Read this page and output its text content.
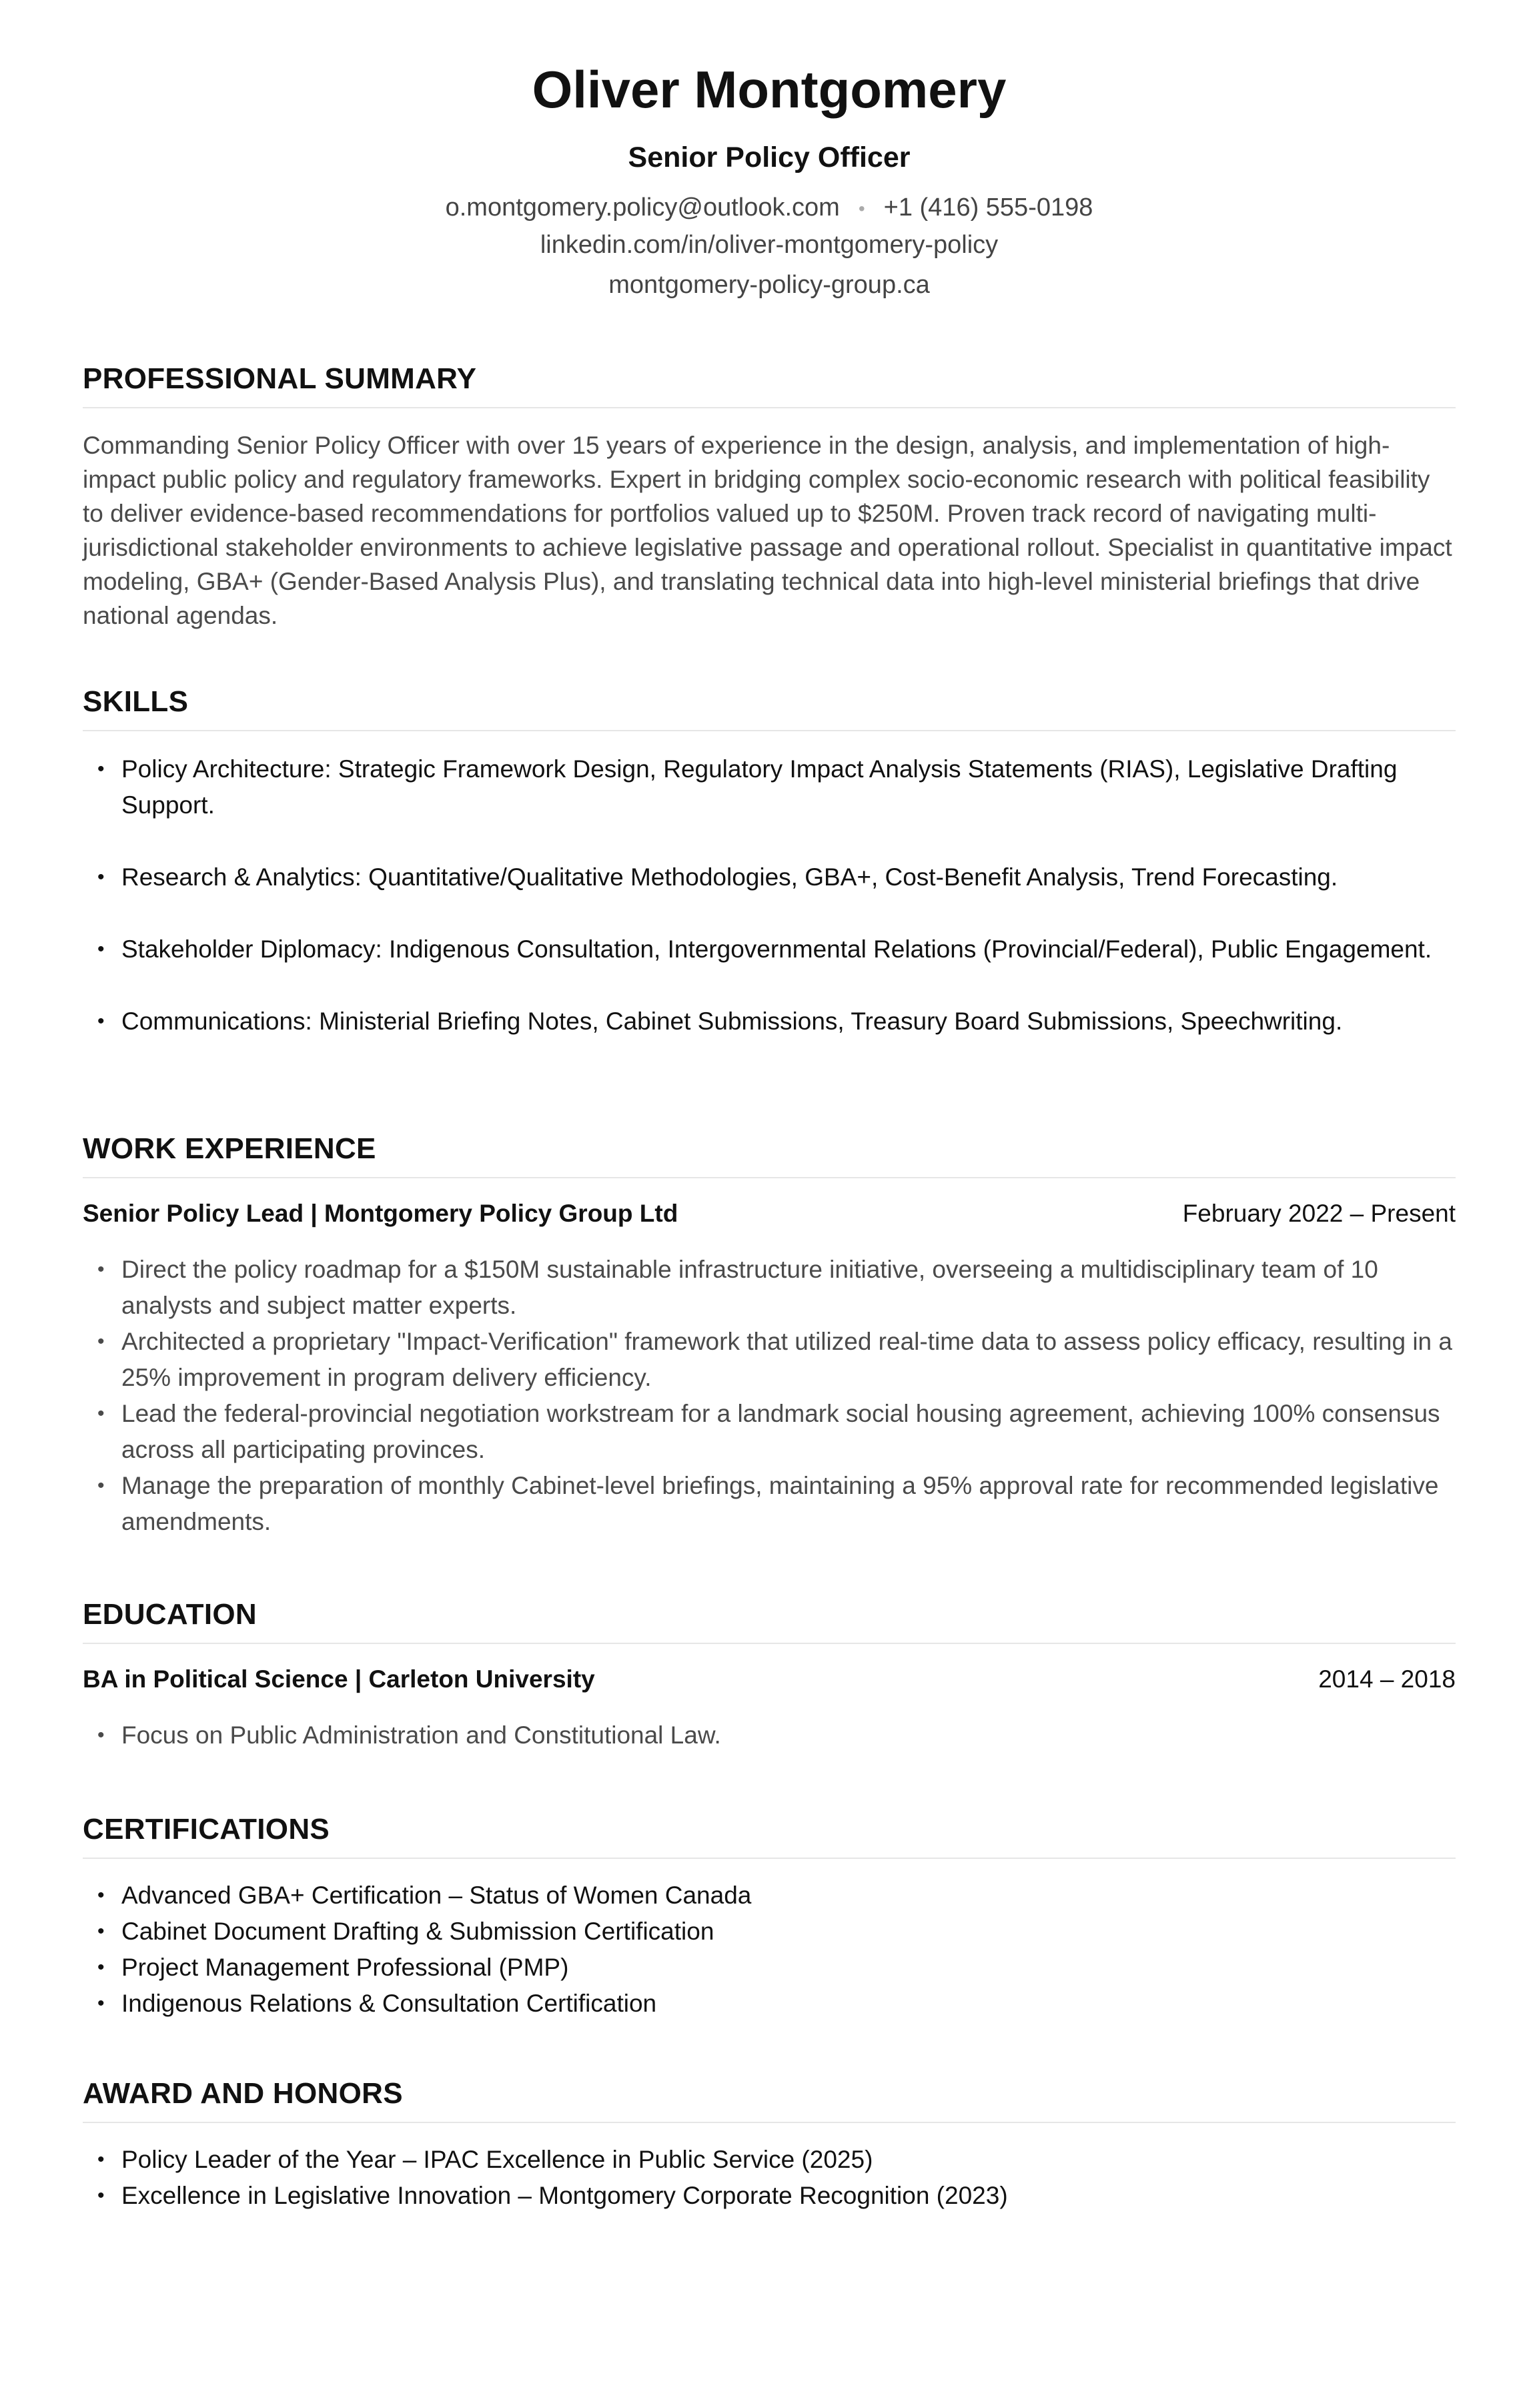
Oliver Montgomery
Senior Policy Officer
o.montgomery.policy@outlook.com • +1 (416) 555-0198
linkedin.com/in/oliver-montgomery-policy
montgomery-policy-group.ca
PROFESSIONAL SUMMARY

Commanding Senior Policy Officer with over 15 years of experience in the design, analysis, and implementation of high-impact public policy and regulatory frameworks. Expert in bridging complex socio-economic research with political feasibility to deliver evidence-based recommendations for portfolios valued up to $250M. Proven track record of navigating multi-jurisdictional stakeholder environments to achieve legislative passage and operational rollout. Specialist in quantitative impact modeling, GBA+ (Gender-Based Analysis Plus), and translating technical data into high-level ministerial briefings that drive national agendas.

SKILLS
• Policy Architecture: Strategic Framework Design, Regulatory Impact Analysis Statements (RIAS), Legislative Drafting Support.
• Research & Analytics: Quantitative/Qualitative Methodologies, GBA+, Cost-Benefit Analysis, Trend Forecasting.
• Stakeholder Diplomacy: Indigenous Consultation, Intergovernmental Relations (Provincial/Federal), Public Engagement.
• Communications: Ministerial Briefing Notes, Cabinet Submissions, Treasury Board Submissions, Speechwriting.
WORK EXPERIENCE
Senior Policy Lead | Montgomery Policy Group Ltd	February 2022 – Present
• Direct the policy roadmap for a $150M sustainable infrastructure initiative, overseeing a multidisciplinary team of 10 analysts and subject matter experts.
• Architected a proprietary "Impact-Verification" framework that utilized real-time data to assess policy efficacy, resulting in a 25% improvement in program delivery efficiency.
• Lead the federal-provincial negotiation workstream for a landmark social housing agreement, achieving 100% consensus across all participating provinces.
• Manage the preparation of monthly Cabinet-level briefings, maintaining a 95% approval rate for recommended legislative amendments.
EDUCATION
BA in Political Science | Carleton University	2014 – 2018
• Focus on Public Administration and Constitutional Law.
CERTIFICATIONS
• Advanced GBA+ Certification – Status of Women Canada
• Cabinet Document Drafting & Submission Certification
• Project Management Professional (PMP)
• Indigenous Relations & Consultation Certification
AWARD AND HONORS
• Policy Leader of the Year – IPAC Excellence in Public Service (2025)
• Excellence in Legislative Innovation – Montgomery Corporate Recognition (2023)
